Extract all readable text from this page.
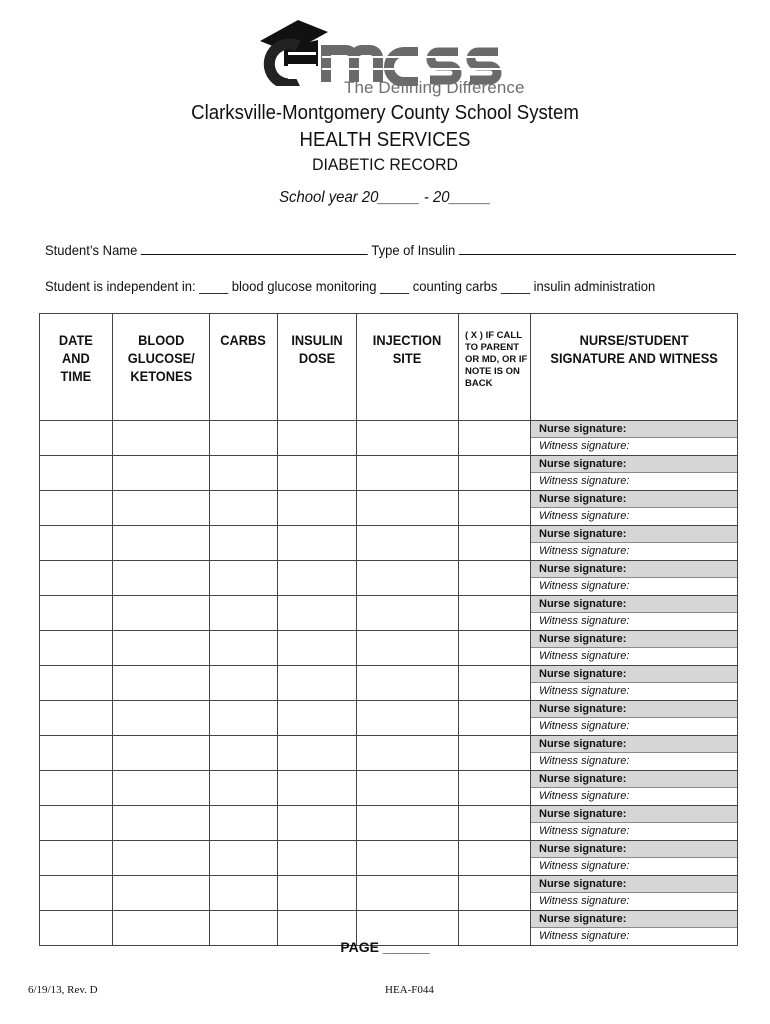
The Defining Difference
Clarksville-Montgomery County School System
HEALTH SERVICES
DIABETIC RECORD
School year 20_____ - 20_____
Student’s Name	Type of Insulin
Student is independent in: ____ blood glucose monitoring ____ counting carbs ____ insulin administration
DATE
AND
TIME	BLOOD
GLUCOSE/
KETONES	CARBS	INSULIN
DOSE	INJECTION
SITE	( X ) IF CALL
TO PARENT
OR MD, OR IF
NOTE IS ON
BACK	NURSE/STUDENT
SIGNATURE AND WITNESS

						Nurse signature:
Witness signature:

						Nurse signature:
Witness signature:

						Nurse signature:
Witness signature:

						Nurse signature:
Witness signature:

						Nurse signature:
Witness signature:

						Nurse signature:
Witness signature:

						Nurse signature:
Witness signature:

						Nurse signature:
Witness signature:

						Nurse signature:
Witness signature:

						Nurse signature:
Witness signature:

						Nurse signature:
Witness signature:

						Nurse signature:
Witness signature:

						Nurse signature:
Witness signature:

						Nurse signature:
Witness signature:

						Nurse signature:
Witness signature:
PAGE ______
6/19/13, Rev. D	HEA-F044
